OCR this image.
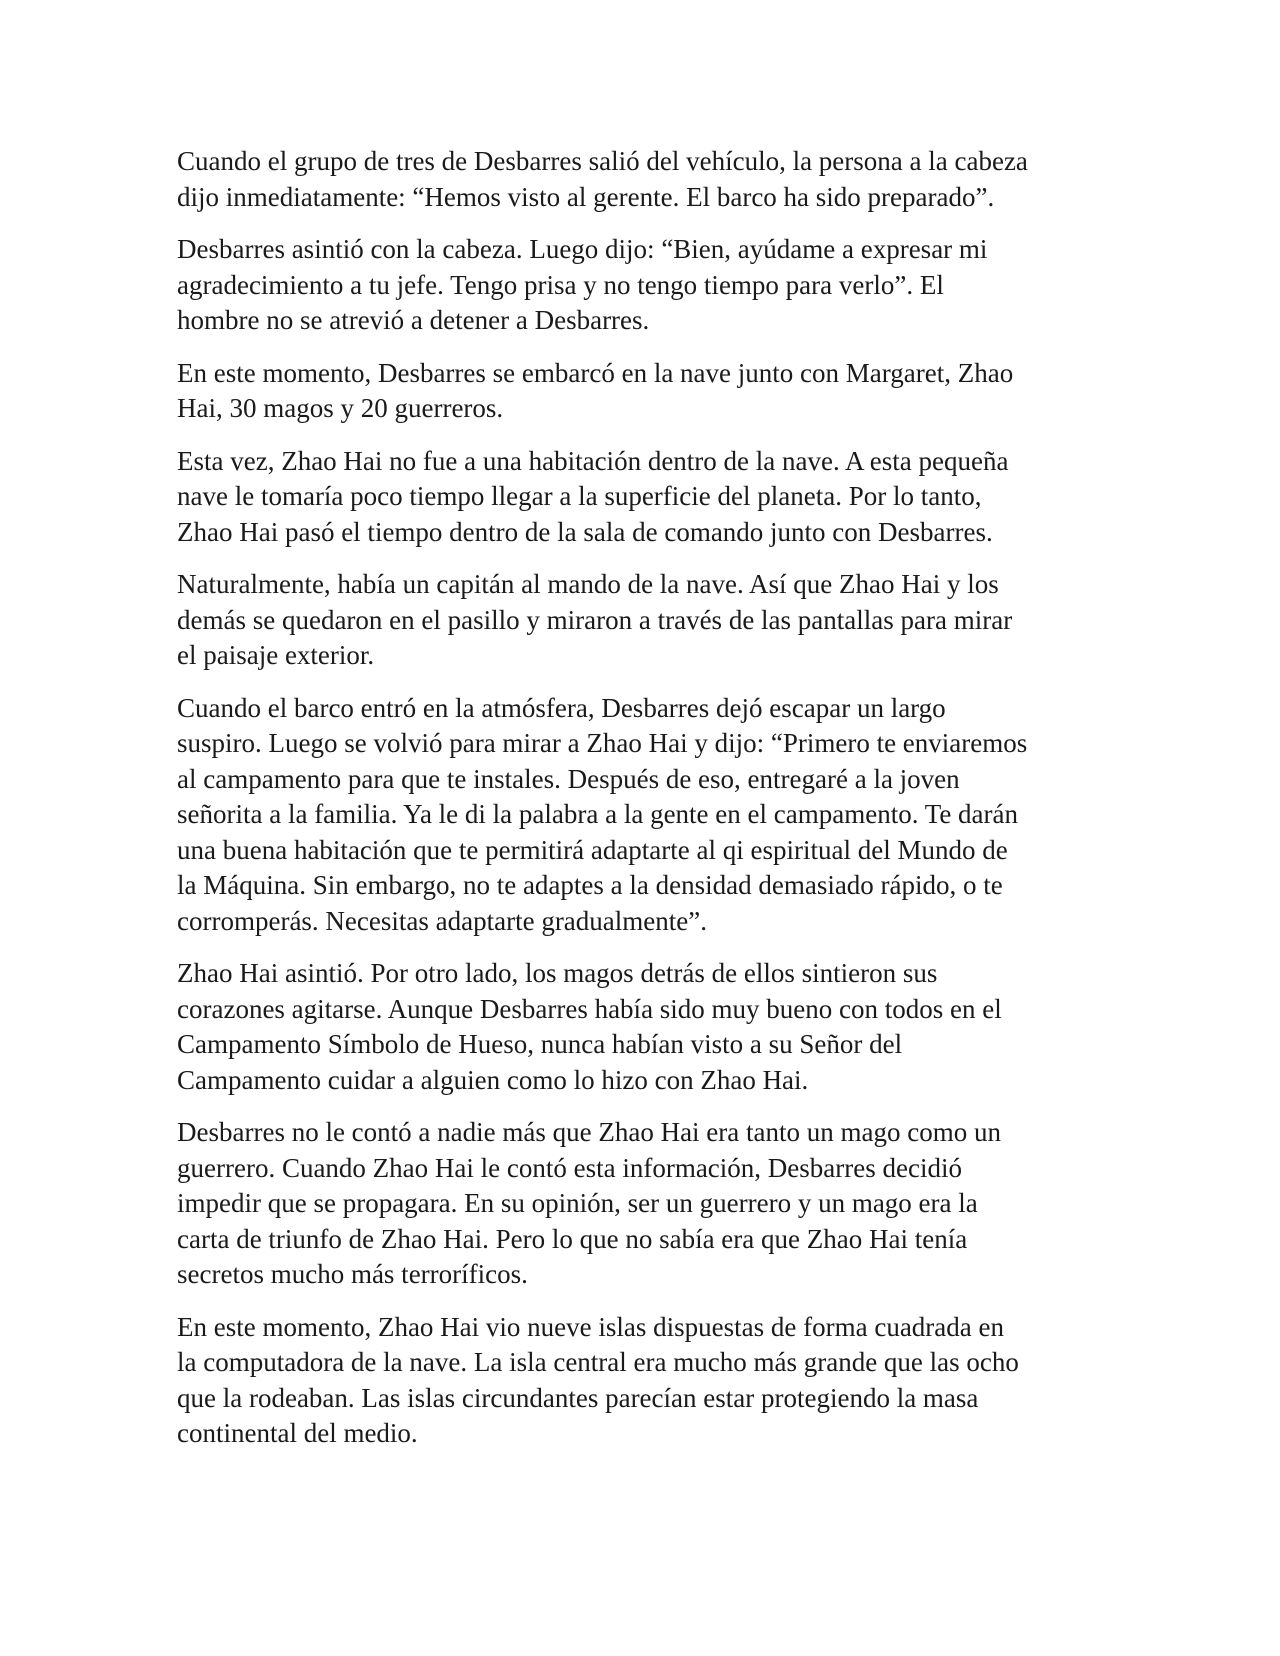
Cuando el grupo de tres de Desbarres salió del vehículo, la persona a la cabeza
dijo inmediatamente: “Hemos visto al gerente. El barco ha sido preparado”.

Desbarres asintió con la cabeza. Luego dijo: “Bien, ayúdame a expresar mi
agradecimiento a tu jefe. Tengo prisa y no tengo tiempo para verlo”. El
hombre no se atrevió a detener a Desbarres.

En este momento, Desbarres se embarcó en la nave junto con Margaret, Zhao
Hai, 30 magos y 20 guerreros.

Esta vez, Zhao Hai no fue a una habitación dentro de la nave. A esta pequeña
nave le tomaría poco tiempo llegar a la superficie del planeta. Por lo tanto,
Zhao Hai pasó el tiempo dentro de la sala de comando junto con Desbarres.

Naturalmente, había un capitán al mando de la nave. Así que Zhao Hai y los
demás se quedaron en el pasillo y miraron a través de las pantallas para mirar
el paisaje exterior.

Cuando el barco entró en la atmósfera, Desbarres dejó escapar un largo
suspiro. Luego se volvió para mirar a Zhao Hai y dijo: “Primero te enviaremos
al campamento para que te instales. Después de eso, entregaré a la joven
señorita a la familia. Ya le di la palabra a la gente en el campamento. Te darán
una buena habitación que te permitirá adaptarte al qi espiritual del Mundo de
la Máquina. Sin embargo, no te adaptes a la densidad demasiado rápido, o te
corromperás. Necesitas adaptarte gradualmente”.

Zhao Hai asintió. Por otro lado, los magos detrás de ellos sintieron sus
corazones agitarse. Aunque Desbarres había sido muy bueno con todos en el
Campamento Símbolo de Hueso, nunca habían visto a su Señor del
Campamento cuidar a alguien como lo hizo con Zhao Hai.

Desbarres no le contó a nadie más que Zhao Hai era tanto un mago como un
guerrero. Cuando Zhao Hai le contó esta información, Desbarres decidió
impedir que se propagara. En su opinión, ser un guerrero y un mago era la
carta de triunfo de Zhao Hai. Pero lo que no sabía era que Zhao Hai tenía
secretos mucho más terroríficos.

En este momento, Zhao Hai vio nueve islas dispuestas de forma cuadrada en
la computadora de la nave. La isla central era mucho más grande que las ocho
que la rodeaban. Las islas circundantes parecían estar protegiendo la masa
continental del medio.
